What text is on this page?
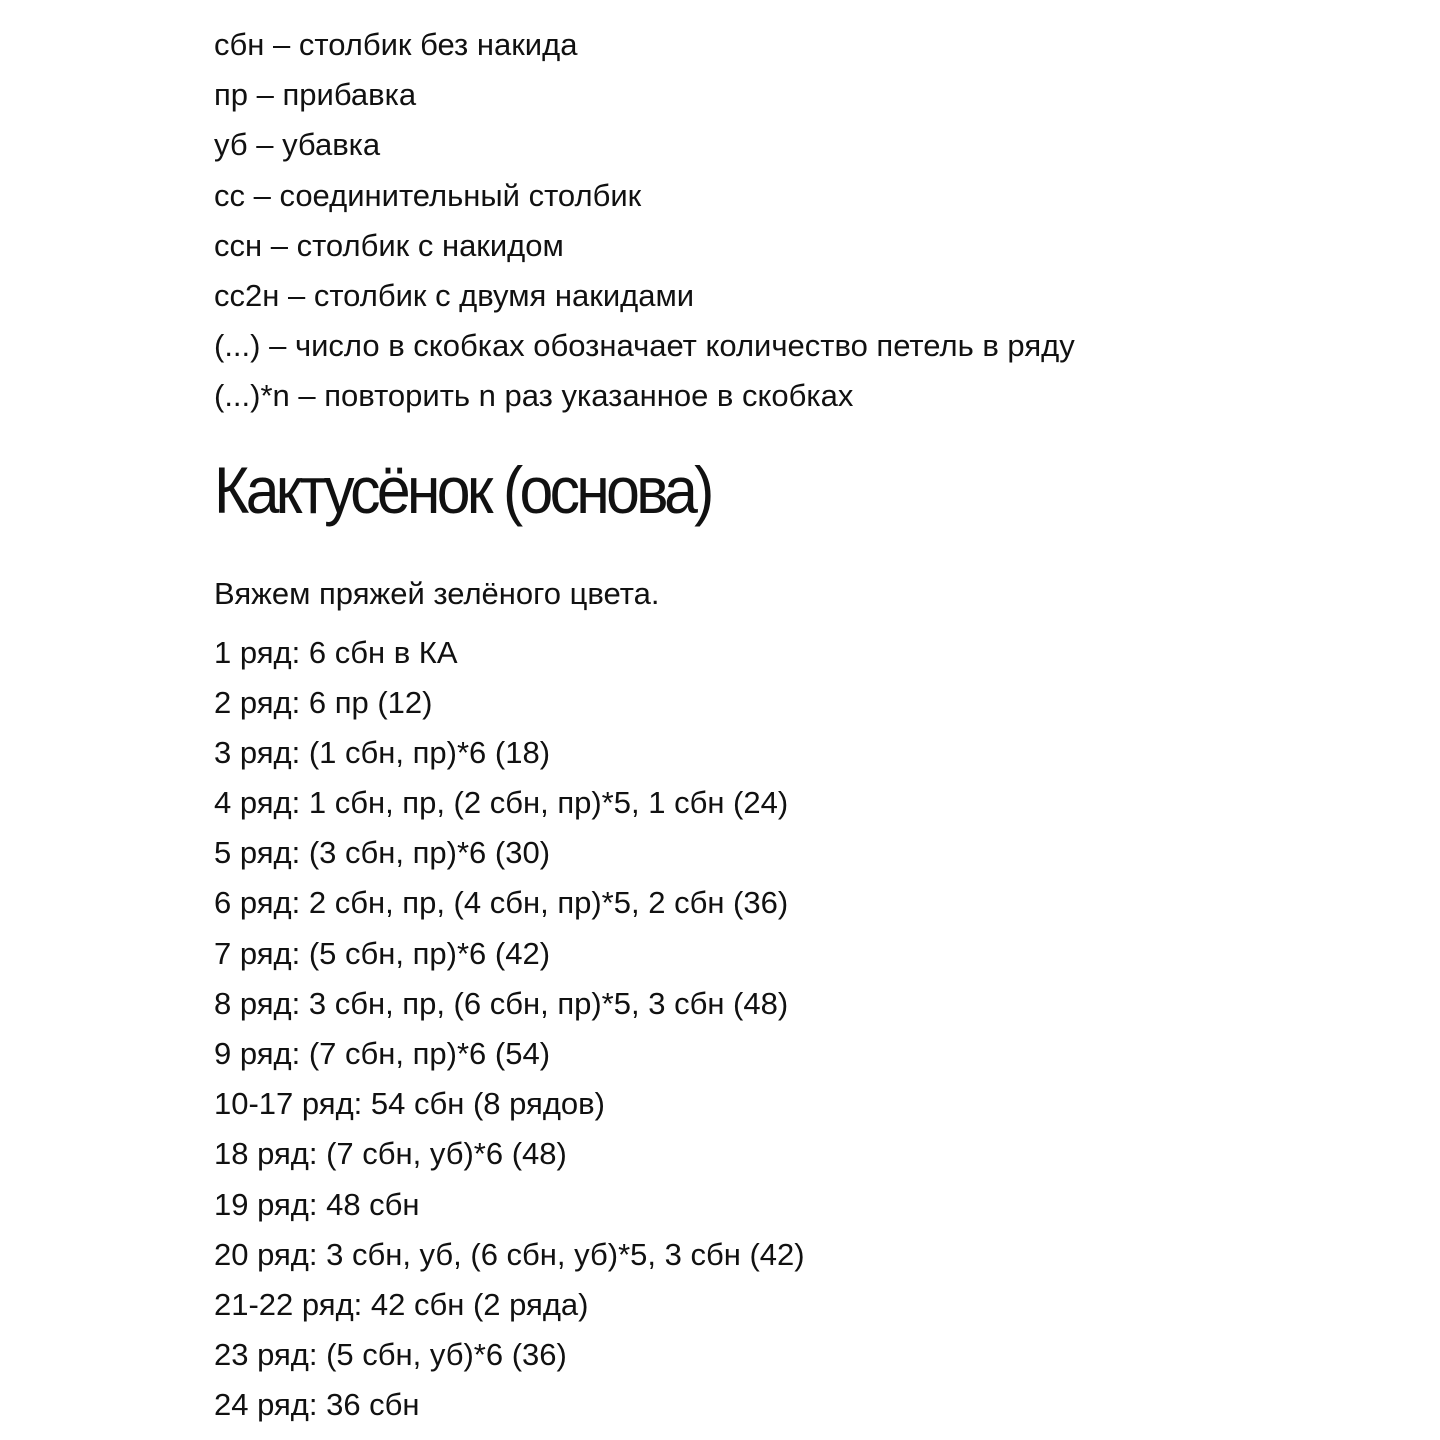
сбн – столбик без накида
пр – прибавка
уб – убавка
сс – соединительный столбик
ссн – столбик с накидом
сс2н – столбик с двумя накидами
(...) – число в скобках обозначает количество петель в ряду
(...)*n – повторить n раз указанное в скобках
Кактусёнок (основа)

Вяжем пряжей зелёного цвета.

1 ряд: 6 сбн в КА
2 ряд: 6 пр (12)
3 ряд: (1 сбн, пр)*6 (18)
4 ряд: 1 сбн, пр, (2 сбн, пр)*5, 1 сбн (24)
5 ряд: (3 сбн, пр)*6 (30)
6 ряд: 2 сбн, пр, (4 сбн, пр)*5, 2 сбн (36)
7 ряд: (5 сбн, пр)*6 (42)
8 ряд: 3 сбн, пр, (6 сбн, пр)*5, 3 сбн (48)
9 ряд: (7 сбн, пр)*6 (54)
10-17 ряд: 54 сбн (8 рядов)
18 ряд: (7 сбн, уб)*6 (48)
19 ряд: 48 сбн
20 ряд: 3 сбн, уб, (6 сбн, уб)*5, 3 сбн (42)
21-22 ряд: 42 сбн (2 ряда)
23 ряд: (5 сбн, уб)*6 (36)
24 ряд: 36 сбн
